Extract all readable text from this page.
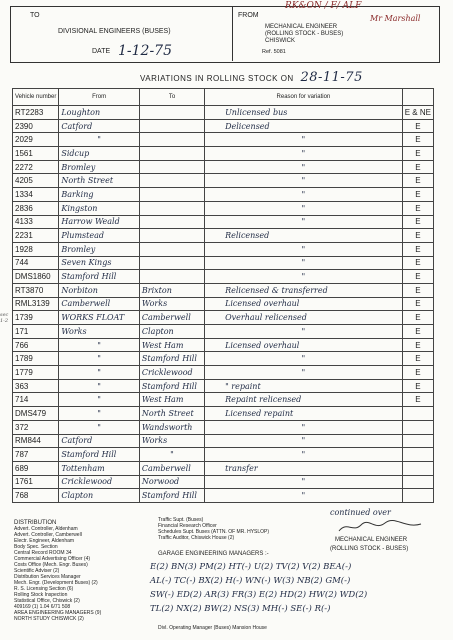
TO
DIVISIONAL ENGINEERS (BUSES)
DATE 1-12-75
FROM
RK&ON / F/ ALF
Mr Marshall
MECHANICAL ENGINEER
(ROLLING STOCK - BUSES)
CHISWICK
Ref. 5081
VARIATIONS IN ROLLING STOCK ON 28-11-75
Vehicle number	From	To	Reason for variation	
RT2283	Loughton		Unlicensed bus	E & NE
2390	Catford		Delicensed	E
2029	"		"	E
1561	Sidcup		"	E
2272	Bromley		"	E
4205	North Street		"	E
1334	Barking		"	E
2836	Kingston		"	E
4133	Harrow Weald		"	E
2231	Plumstead		Relicensed	E
1928	Bromley		"	E
744	Seven Kings		"	E
DMS1860	Stamford Hill		"	E
RT3870	Norbiton	Brixton	Relicensed & transferred	E
RML3139	Camberwell	Works	Licensed overhaul	E
1739	WORKS FLOAT	Camberwell	Overhaul relicensed	E
171	Works	Clapton	"	E
766	"	West Ham	Licensed overhaul	E
1789	"	Stamford Hill	"	E
1779	"	Cricklewood	"	E
363	"	Stamford Hill	" repaint	E
714	"	West Ham	Repaint relicensed	E
DMS479	"	North Street	Licensed repaint	
372	"	Wandsworth	"	
RM844	Catford	Works	"	
787	Stamford Hill	"	"	
689	Tottenham	Camberwell	transfer	
1761	Cricklewood	Norwood	"	
768	Clapton	Stamford Hill	"	
sec 1-2
continued over
MECHANICAL ENGINEER
(ROLLING STOCK - BUSES)
DISTRIBUTION
Advert. Controller, Aldenham
Advert. Controller, Camberwell
Electr. Engineer, Aldenham
Body Spec. Section
Central Record ROOM 34
Commercial Advertising Officer (4)
Costs Office (Mech. Engr. Buses)
Scientific Adviser (2)
Distribution Services Manager
Mech. Engr. (Development Buses) (2)
R. S. Licensing Section (6)
Rolling Stock Inspection
Statistical Office, Chiswick (2)
409169 (1) 1.04 6/71 508
AREA ENGINEERING MANAGERS (9)
NORTH STUDY CHISWICK (2)
Traffic Supt. (Buses)
Financial Research Officer
Schedules Supt. Buses (ATTN. OF MR. HYSLOP)
Traffic Auditor, Chiswick House (2)
GARAGE ENGINEERING MANAGERS :-
E(2) BN(3) PM(2) HT(-) U(2) TV(2) V(2) BEA(-)
AL(-) TC(-) BX(2) H(-) WN(-) W(3) NB(2) GM(-)
SW(-) ED(2) AR(3) FR(3) E(2) HD(2) HW(2) WD(2)
TL(2) NX(2) BW(2) NS(3) MH(-) SE(-) R(-)
Divl. Operating Manager (Buses) Mansion House
